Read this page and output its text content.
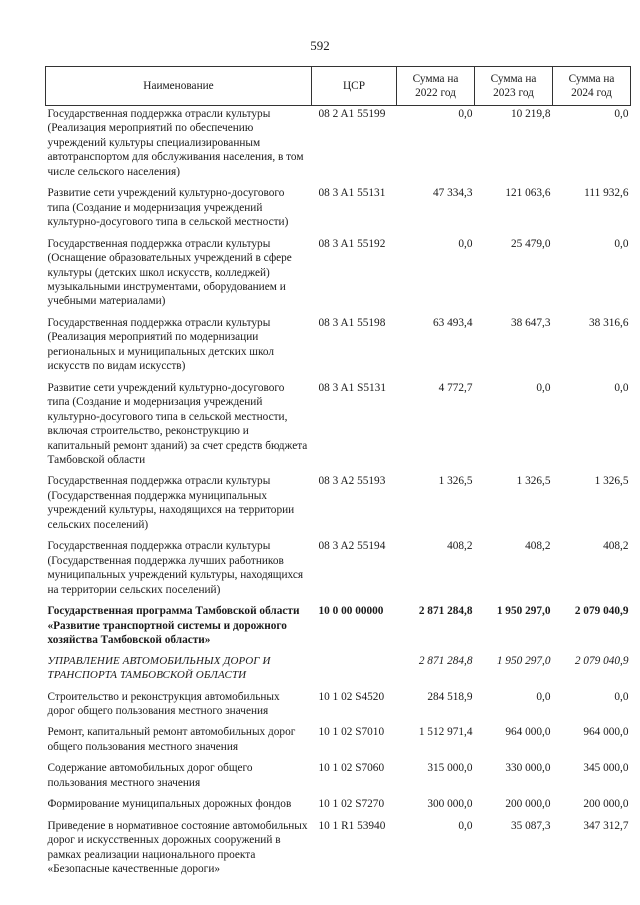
592
Наименование	ЦСР	Сумма на 2022 год	Сумма на 2023 год	Сумма на 2024 год
Государственная поддержка отрасли культуры (Реализация мероприятий по обеспечению учреждений культуры специализированным автотранспортом для обслуживания населения, в том числе сельского населения)	08 2 A1 55199	0,0	10 219,8	0,0
Развитие сети учреждений культурно-досугового типа (Создание и модернизация учреждений культурно-досугового типа в сельской местности)	08 3 A1 55131	47 334,3	121 063,6	111 932,6
Государственная поддержка отрасли культуры (Оснащение образовательных учреждений в сфере культуры (детских школ искусств, колледжей) музыкальными инструментами, оборудованием и учебными материалами)	08 3 A1 55192	0,0	25 479,0	0,0
Государственная поддержка отрасли культуры (Реализация мероприятий по модернизации региональных и муниципальных детских школ искусств по видам искусств)	08 3 A1 55198	63 493,4	38 647,3	38 316,6
Развитие сети учреждений культурно-досугового типа (Создание и модернизация учреждений культурно-досугового типа в сельской местности, включая строительство, реконструкцию и капитальный ремонт зданий) за счет средств бюджета Тамбовской области	08 3 A1 S5131	4 772,7	0,0	0,0
Государственная поддержка отрасли культуры (Государственная поддержка муниципальных учреждений культуры, находящихся на территории сельских поселений)	08 3 A2 55193	1 326,5	1 326,5	1 326,5
Государственная поддержка отрасли культуры (Государственная поддержка лучших работников муниципальных учреждений культуры, находящихся на территории сельских поселений)	08 3 A2 55194	408,2	408,2	408,2
Государственная программа Тамбовской области «Развитие транспортной системы и дорожного хозяйства Тамбовской области»	10 0 00 00000	2 871 284,8	1 950 297,0	2 079 040,9
УПРАВЛЕНИЕ АВТОМОБИЛЬНЫХ ДОРОГ И ТРАНСПОРТА ТАМБОВСКОЙ ОБЛАСТИ		2 871 284,8	1 950 297,0	2 079 040,9
Строительство и реконструкция автомобильных дорог общего пользования местного значения	10 1 02 S4520	284 518,9	0,0	0,0
Ремонт, капитальный ремонт автомобильных дорог общего пользования местного значения	10 1 02 S7010	1 512 971,4	964 000,0	964 000,0
Содержание автомобильных дорог общего пользования местного значения	10 1 02 S7060	315 000,0	330 000,0	345 000,0
Формирование муниципальных дорожных фондов	10 1 02 S7270	300 000,0	200 000,0	200 000,0
Приведение в нормативное состояние автомобильных дорог и искусственных дорожных сооружений в рамках реализации национального проекта «Безопасные качественные дороги»	10 1 R1 53940	0,0	35 087,3	347 312,7
